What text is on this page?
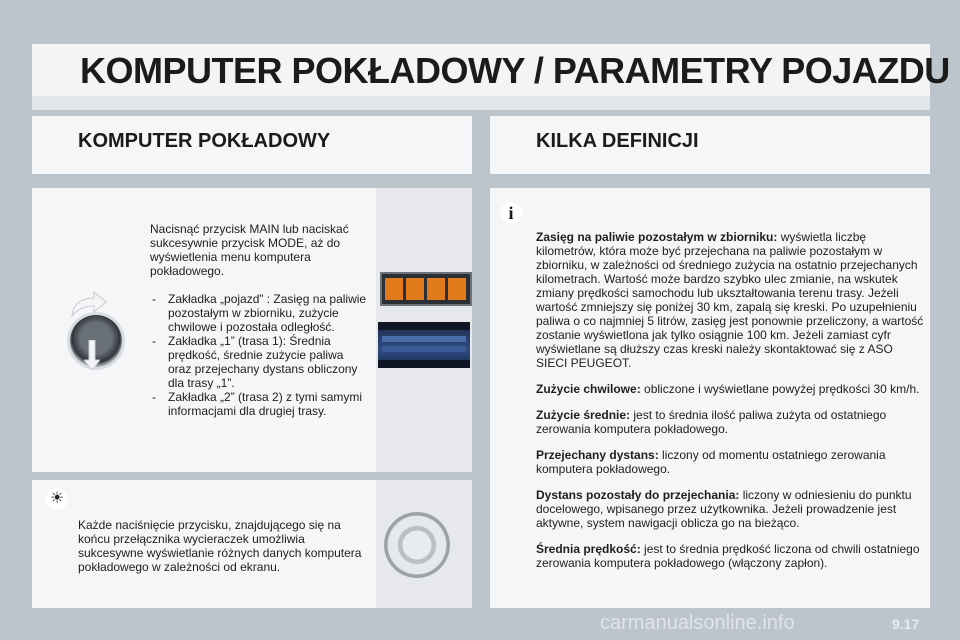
KOMPUTER POKŁADOWY / PARAMETRY POJAZDU
KOMPUTER POKŁADOWY	KILKA DEFINICJI
Nacisnąć przycisk MAIN lub naciskać sukcesywnie przycisk MODE, aż do wyświetlenia menu komputera pokładowego.
- Zakładka „pojazd” : Zasięg na paliwie pozostałym w zbiorniku, zużycie chwilowe i pozostała odległość.
- Zakładka „1” (trasa 1): Średnia prędkość, średnie zużycie paliwa oraz przejechany dystans obliczony dla trasy „1”.
- Zakładka „2” (trasa 2) z tymi samymi informacjami dla drugiej trasy.
☀
Każde naciśnięcie przycisku, znajdującego się na końcu przełącznika wycieraczek umożliwia sukcesywne wyświetlanie różnych danych komputera pokładowego w zależności od ekranu.
i

Zasięg na paliwie pozostałym w zbiorniku: wyświetla liczbę kilometrów, która może być przejechana na paliwie pozostałym w zbiorniku, w zależności od średniego zużycia na ostatnio przejechanych kilometrach. Wartość może bardzo szybko ulec zmianie, na wskutek zmiany prędkości samochodu lub ukształtowania terenu trasy. Jeżeli wartość zmniejszy się poniżej 30 km, zapalą się kreski. Po uzupełnieniu paliwa o co najmniej 5 litrów, zasięg jest ponownie przeliczony, a wartość zostanie wyświetlona jak tylko osiągnie 100 km. Jeżeli zamiast cyfr wyświetlane są dłuższy czas kreski należy skontaktować się z ASO SIECI PEUGEOT.

Zużycie chwilowe: obliczone i wyświetlane powyżej prędkości 30 km/h.

Zużycie średnie: jest to średnia ilość paliwa zużyta od ostatniego zerowania komputera pokładowego.

Przejechany dystans: liczony od momentu ostatniego zerowania komputera pokładowego.

Dystans pozostały do przejechania: liczony w odniesieniu do punktu docelowego, wpisanego przez użytkownika. Jeżeli prowadzenie jest aktywne, system nawigacji oblicza go na bieżąco.

Średnia prędkość: jest to średnia prędkość liczona od chwili ostatniego zerowania komputera pokładowego (włączony zapłon).

carmanualsonline.info	9.17
